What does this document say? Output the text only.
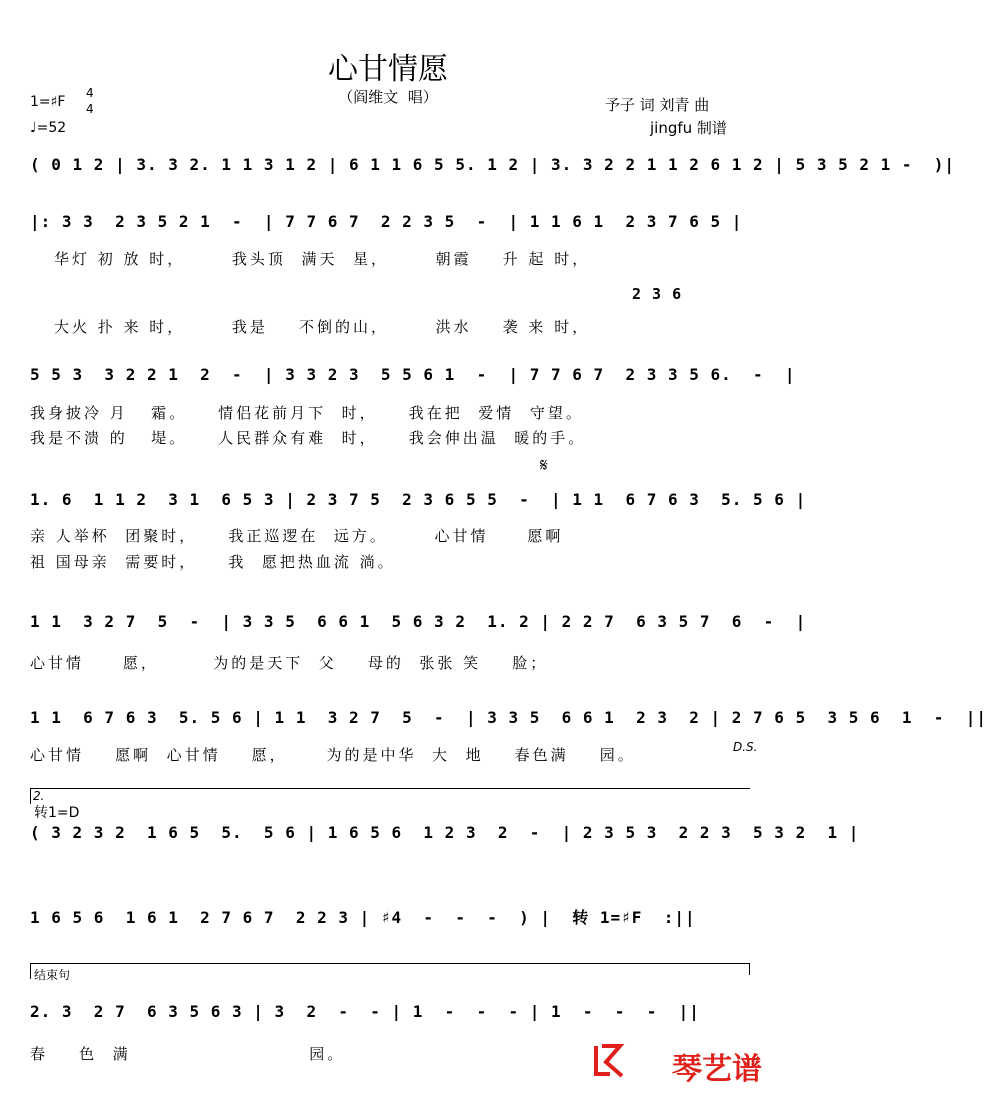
心甘情愿
（阎维文  唱）
1=♯F
4
4
♩=52
予子 词 刘青 曲
jingfu 制谱
( 0 1 2 | 3. 3 2. 1 1 3 1 2 | 6 1 1 6 5 5. 1 2 | 3. 3 2 2 1 1 2 6 1 2 | 5 3 5 2 1 -  )|
|: 3 3  2 3 5 2 1  -  | 7 7 6 7  2 2 3 5  -  | 1 1 6 1  2 3 7 6 5 |
华灯 初 放 时，      我头顶  满天  星，      朝霞    升 起 时，
2 3 6
大火 扑 来 时，      我是    不倒的山，      洪水    袭 来 时，
5 5 3  3 2 2 1  2  -  | 3 3 2 3  5 5 6 1  -  | 7 7 6 7  2 3 3 5 6.  -  |
我身披冷 月   霜。    情侣花前月下  时，    我在把  爱情  守望。
我是不溃 的   堤。    人民群众有难  时，    我会伸出温  暖的手。
𝄋
1. 6  1 1 2  3 1  6 5 3 | 2 3 7 5  2 3 6 5 5  -  | 1 1  6 7 6 3  5. 5 6 |
亲 人举杯  团聚时，    我正巡逻在  远方。      心甘情     愿啊
祖 国母亲  需要时，    我  愿把热血流 淌。
1 1  3 2 7  5  -  | 3 3 5  6 6 1  5 6 3 2  1. 2 | 2 2 7  6 3 5 7  6  -  |
心甘情     愿，       为的是天下  父    母的  张张 笑    脸；
1 1  6 7 6 3  5. 5 6 | 1 1  3 2 7  5  -  | 3 3 5  6 6 1  2 3  2 | 2 7 6 5  3 5 6  1  -  ||
心甘情    愿啊  心甘情    愿，     为的是中华  大  地    春色满    园。	D.S.
2.
转1=D
( 3 2 3 2  1 6 5  5.  5 6 | 1 6 5 6  1 2 3  2  -  | 2 3 5 3  2 2 3  5 3 2  1 |
1 6 5 6  1 6 1  2 7 6 7  2 2 3 | ♯4  -  -  -  ) |  转 1=♯F  :||
结束句
2. 3  2 7  6 3 5 6 3 | 3  2  -  - | 1  -  -  - | 1  -  -  -  ||
春    色  满                       园。	琴艺谱
